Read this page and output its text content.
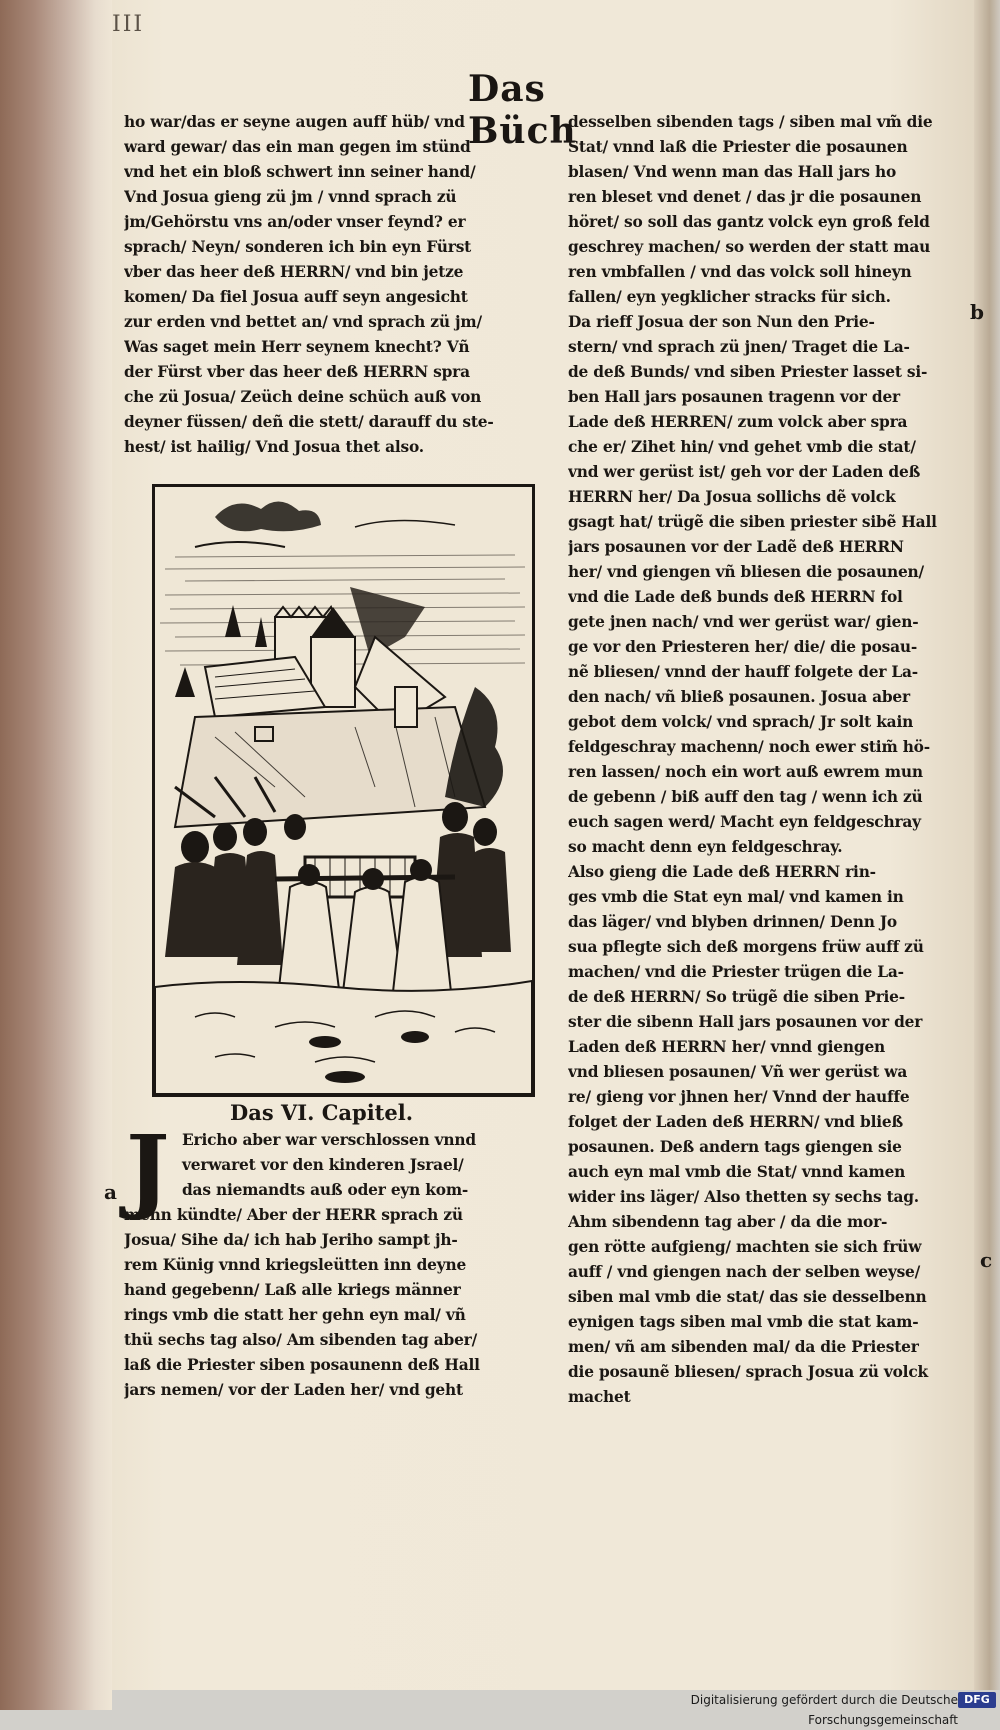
III
Das Büch
ho war/das er seyne augen auff hüb/ vnd
ward gewar/ das ein man gegen im stünd
vnd het ein bloß schwert inn seiner hand/
Vnd Josua gieng zü jm / vnnd sprach zü
jm/Gehörstu vns an/oder vnser feynd? er
sprach/ Neyn/ sonderen ich bin eyn Fürst
vber das heer deß HERRN/ vnd bin jetze
komen/ Da fiel Josua auff seyn angesicht
zur erden vnd bettet an/ vnd sprach zü jm/
Was saget mein Herr seynem knecht? Vñ
der Fürst vber das heer deß HERRN spra
che zü Josua/ Zeüch deine schüch auß von
deyner füssen/ deñ die stett/ darauff du ste-
hest/ ist hailig/ Vnd Josua thet also.
Das VI. Capitel.
J
b
a
c
Ericho aber war verschlossen vnnd
verwaret vor den kinderen Jsrael/
das niemandts auß oder eyn kom-
menn kündte/ Aber der HERR sprach zü
Josua/ Sihe da/ ich hab Jeriho sampt jh-
rem Künig vnnd kriegsleütten inn deyne
hand gegebenn/ Laß alle kriegs männer
rings vmb die statt her gehn eyn mal/ vñ
thü sechs tag also/ Am sibenden tag aber/
laß die Priester siben posaunenn deß Hall
jars nemen/ vor der Laden her/ vnd geht
desselben sibenden tags / siben mal vm̃ die
Stat/ vnnd laß die Priester die posaunen
blasen/ Vnd wenn man das Hall jars ho
ren bleset vnd denet / das jr die posaunen
höret/ so soll das gantz volck eyn groß feld
geschrey machen/ so werden der statt mau
ren vmbfallen / vnd das volck soll hineyn
fallen/ eyn yegklicher stracks für sich.
Da rieff Josua der son Nun den Prie-
stern/ vnd sprach zü jnen/ Traget die La-
de deß Bunds/ vnd siben Priester lasset si-
ben Hall jars posaunen tragenn vor der
Lade deß HERREN/ zum volck aber spra
che er/ Zihet hin/ vnd gehet vmb die stat/
vnd wer gerüst ist/ geh vor der Laden deß
HERRN her/ Da Josua sollichs dẽ volck
gsagt hat/ trügẽ die siben priester sibẽ Hall
jars posaunen vor der Ladẽ deß HERRN
her/ vnd giengen vñ bliesen die posaunen/
vnd die Lade deß bunds deß HERRN fol
gete jnen nach/ vnd wer gerüst war/ gien-
ge vor den Priesteren her/ die/ die posau-
nẽ bliesen/ vnnd der hauff folgete der La-
den nach/ vñ bließ posaunen. Josua aber
gebot dem volck/ vnd sprach/ Jr solt kain
feldgeschray machenn/ noch ewer stim̃ hö-
ren lassen/ noch ein wort auß ewrem mun
de gebenn / biß auff den tag / wenn ich zü
euch sagen werd/ Macht eyn feldgeschray
so macht denn eyn feldgeschray.
Also gieng die Lade deß HERRN rin-
ges vmb die Stat eyn mal/ vnd kamen in
das läger/ vnd blyben drinnen/ Denn Jo
sua pflegte sich deß morgens früw auff zü
machen/ vnd die Priester trügen die La-
de deß HERRN/ So trügẽ die siben Prie-
ster die sibenn Hall jars posaunen vor der
Laden deß HERRN her/ vnnd giengen
vnd bliesen posaunen/ Vñ wer gerüst wa
re/ gieng vor jhnen her/ Vnnd der hauffe
folget der Laden deß HERRN/ vnd bließ
posaunen. Deß andern tags giengen sie
auch eyn mal vmb die Stat/ vnnd kamen
wider ins läger/ Also thetten sy sechs tag.
Ahm sibendenn tag aber / da die mor-
gen rötte aufgieng/ machten sie sich früw
auff / vnd giengen nach der selben weyse/
siben mal vmb die stat/ das sie desselbenn
eynigen tags siben mal vmb die stat kam-
men/ vñ am sibenden mal/ da die Priester
die posaunẽ bliesen/ sprach Josua zü volck
machet
Digitalisierung gefördert durch die Deutsche Forschungsgemeinschaft
DFG
